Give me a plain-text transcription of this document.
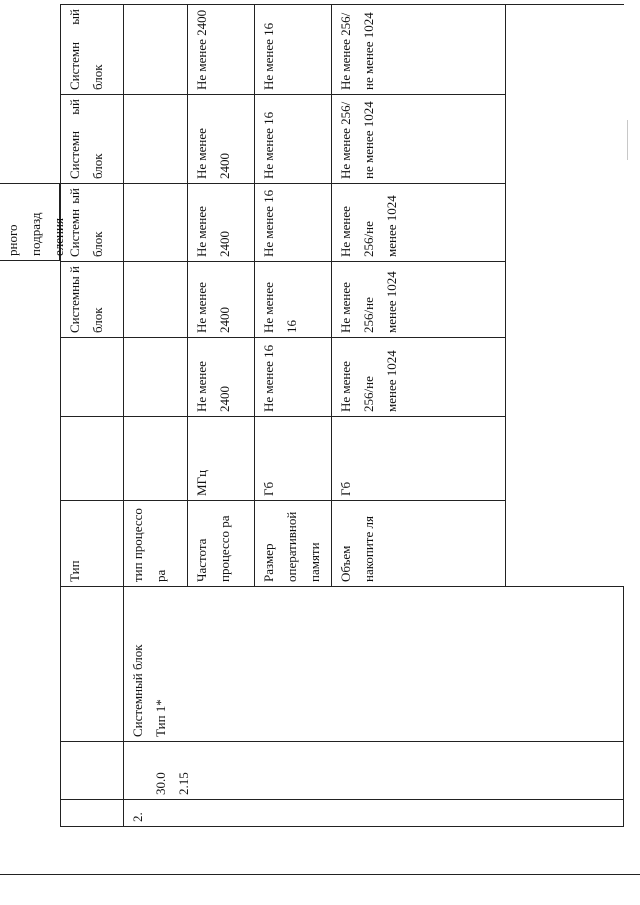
Тип
Системны й блок
Системн ый блок
рного подразд еления
Системн ый блок
Системн ый блок
2.

30.0
2.15

Системный блок Тип 1*
тип процессо ра	Частота процессо ра
МГц
Не менее 2400
Не менее 2400
Не менее 2400
Не менее 2400
Не менее 2400
Размер оперативной памяти
Гб
Не менее 16
Не менее 16
Не менее 16
Не менее 16
Не менее 16
Объем накопите ля
Гб
Не менее 256/не менее 1024
Не менее 256/не менее 1024
Не менее 256/не менее 1024
Не менее 256/не менее 1024
Не менее 256/не менее 1024
